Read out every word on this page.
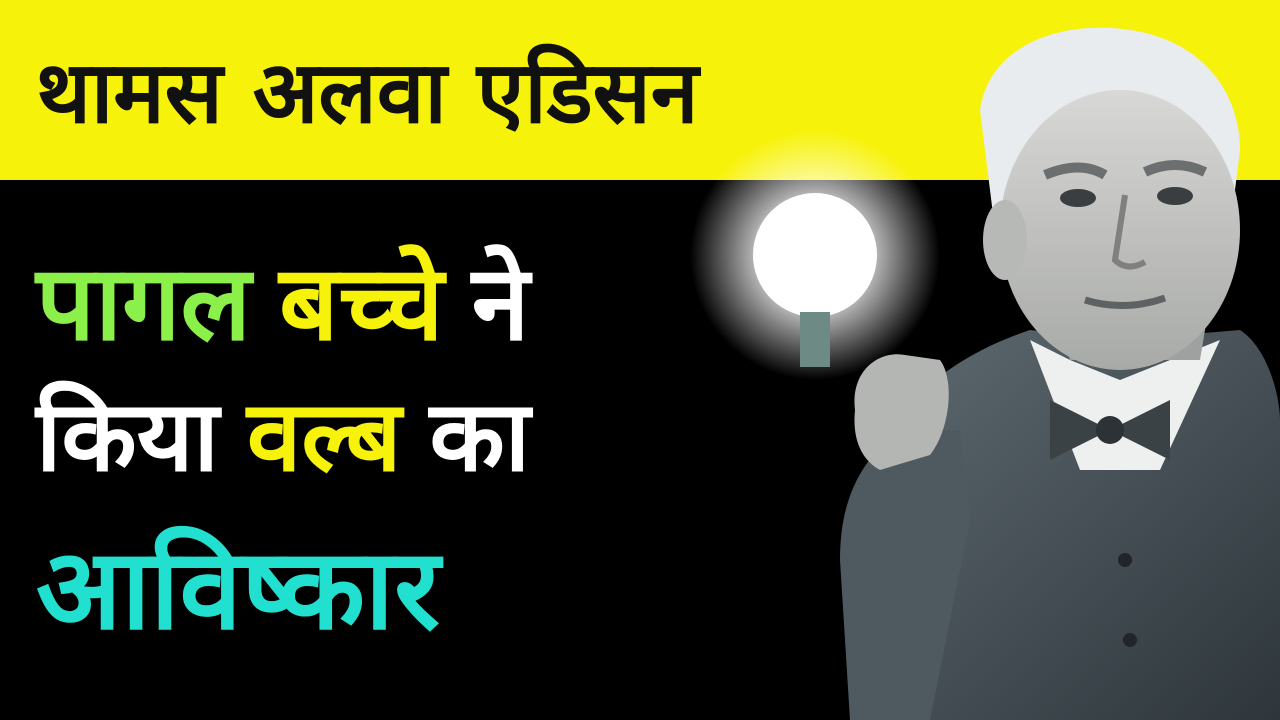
थामस अलवा एडिसन

पागल बच्चे ने

किया वल्ब का

आविष्कार
